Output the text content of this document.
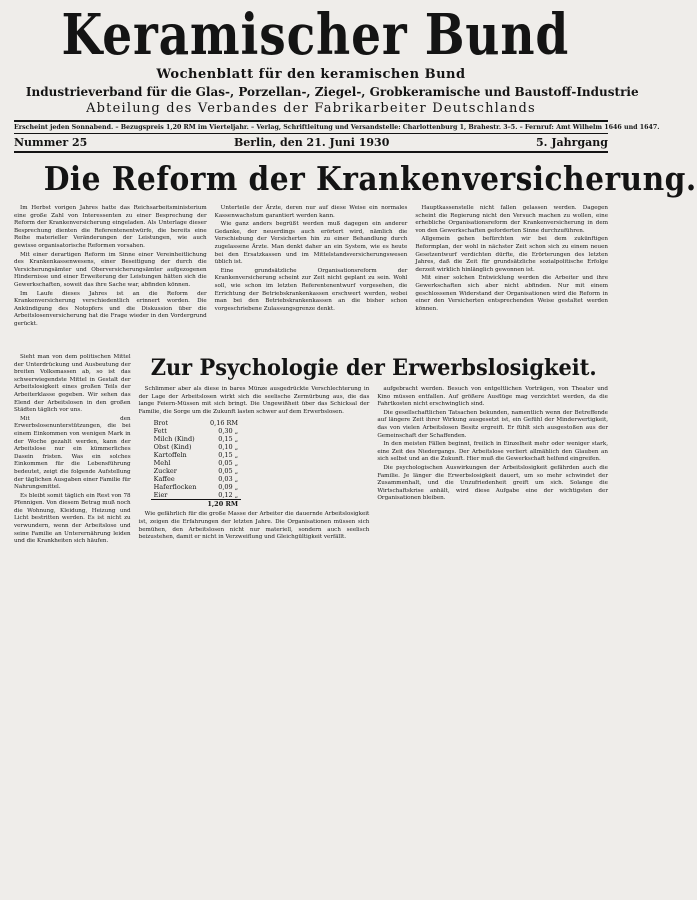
Keramischer Bund
Wochenblatt für den keramischen Bund
Industrieverband für die Glas-, Porzellan-, Ziegel-, Grobkeramische und Baustoff-Industrie
Abteilung des Verbandes der Fabrikarbeiter Deutschlands
Erscheint jeden Sonnabend. – Bezugspreis 1,20 RM im Vierteljahr. – Verlag, Schriftleitung und Versandstelle: Charlottenburg 1, Brahestr. 3–5. – Fernruf: Amt Wilhelm 1646 und 1647.
Nummer 25	Berlin, den 21. Juni 1930	5. Jahrgang
Die Reform der Krankenversicherung.

Im Herbst vorigen Jahres hatte das Reichsarbeitsministerium eine große Zahl von Interessenten zu einer Besprechung der Reform der Krankenversicherung eingeladen. Als Unterlage dieser Besprechung dienten die Referentenentwürfe, die bereits eine Reihe materieller Veränderungen der Leistungen, wie auch gewisse organisatorische Reformen vorsahen.

Mit einer derartigen Reform im Sinne einer Vereinheitlichung des Krankenkassenwesens, einer Beseitigung der durch die Versicherungsämter und Oberversicherungsämter aufgezogenen Hindernisse und einer Erweiterung der Leistungen hätten sich die Gewerkschaften, soweit das ihre Sache war, abfinden können.

Im Laufe dieses Jahres ist an die Reform der Krankenversicherung verschiedentlich erinnert worden. Die Ankündigung des Notopfers und die Diskussion über die Arbeitslosenversicherung hat die Frage wieder in den Vordergrund gerückt.

Unterteile der Ärzte, deren nur auf diese Weise ein normales Kassenwachstum garantiert werden kann.

Wie ganz anders begrüßt werden muß dagegen ein anderer Gedanke, der neuerdings auch erörtert wird, nämlich die Verschiebung der Versicherten hin zu einer Behandlung durch zugelassene Ärzte. Man denkt daher an ein System, wie es heute bei den Ersatzkassen und im Mittelstandsversicherungswesen üblich ist.

Eine grundsätzliche Organisationsreform der Krankenversicherung scheint zur Zeit nicht geplant zu sein. Wohl soll, wie schon im letzten Referentenentwurf vorgesehen, die Errichtung der Betriebskrankenkassen erschwert werden, wobei man bei den Betriebskrankenkassen an die bisher schon vorgeschriebene Zulassungsgrenze denkt.

Hauptkassenstelle nicht fallen gelassen werden. Dagegen scheint die Regierung nicht den Versuch machen zu wollen, eine erhebliche Organisationsreform der Krankenversicherung in dem von den Gewerkschaften geforderten Sinne durchzuführen.

Allgemein gehen befürchten wir bei dem zukünftigen Reformplan, der wohl in nächster Zeit schon sich zu einem neuen Gesetzentwurf verdichten dürfte, die Erörterungen des letzten Jahres, daß die Zeit für grundsätzliche sozialpolitische Erfolge derzeit wirklich hinlänglich gewonnen ist.

Mit einer solchen Entwicklung werden die Arbeiter und ihre Gewerkschaften sich aber nicht abfinden. Nur mit einem geschlossenen Widerstand der Organisationen wird die Reform in einer den Versicherten entsprechenden Weise gestaltet werden können.

Sieht man von dem politischen Mittel der Unterdrückung und Ausbeutung der breiten Volksmassen ab, so ist das schwerwiegendste Mittel in Gestalt der Arbeitslosigkeit eines großen Teils der Arbeiterklasse gegeben. Wir sehen das Elend der Arbeitslosen in den großen Städten täglich vor uns.

Mit den Erwerbslosenunterstützungen, die bei einem Einkommen von wenigen Mark in der Woche gezahlt werden, kann der Arbeitslose nur ein kümmerliches Dasein fristen. Was ein solches Einkommen für die Lebensführung bedeutet, zeigt die folgende Aufstellung der täglichen Ausgaben einer Familie für Nahrungsmittel.

Es bleibt somit täglich ein Rest von 78 Pfennigen. Von diesem Betrag muß noch die Wohnung, Kleidung, Heizung und Licht bestritten werden. Es ist nicht zu verwundern, wenn der Arbeitslose und seine Familie an Unterernährung leiden und die Krankheiten sich häufen.

Zur Psychologie der Erwerbslosigkeit.

Schlimmer aber als diese in bares Münze ausgedrückte Verschlechterung in der Lage der Arbeitslosen wirkt sich die seelische Zermürbung aus, die das lange Feiern-Müssen mit sich bringt. Die Ungewißheit über das Schicksal der Familie, die Sorge um die Zukunft lasten schwer auf dem Erwerbslosen.

Brot	0,16 RM
Fett	0,30 „
Milch (Kind)	0,15 „
Obst (Kind)	0,10 „
Kartoffeln	0,15 „
Mehl	0,05 „
Zucker	0,05 „
Kaffee	0,03 „
Haferflocken	0,09 „
Eier	0,12 „
	1,20 RM

Wie gefährlich für die große Masse der Arbeiter die dauernde Arbeitslosigkeit ist, zeigen die Erfahrungen der letzten Jahre. Die Organisationen müssen sich bemühen, den Arbeitslosen nicht nur materiell, sondern auch seelisch beizustehen, damit er nicht in Verzweiflung und Gleichgültigkeit verfällt.

aufgebracht werden. Besuch von entgeltlichen Vorträgen, von Theater und Kino müssen entfallen. Auf größere Ausflüge mag verzichtet werden, da die Fahrtkosten nicht erschwinglich sind.

Die gesellschaftlichen Tatsachen bekunden, namentlich wenn der Betreffende auf längere Zeit ihrer Wirkung ausgesetzt ist, ein Gefühl der Minderwertigkeit, das von vielen Arbeitslosen Besitz ergreift. Er fühlt sich ausgestoßen aus der Gemeinschaft der Schaffenden.

In den meisten Fällen beginnt, freilich in Einzelheit mehr oder weniger stark, eine Zeit des Niedergangs. Der Arbeitslose verliert allmählich den Glauben an sich selbst und an die Zukunft. Hier muß die Gewerkschaft helfend eingreifen.

Die psychologischen Auswirkungen der Arbeitslosigkeit gefährden auch die Familie. Je länger die Erwerbslosigkeit dauert, um so mehr schwindet der Zusammenhalt, und die Unzufriedenheit greift um sich. Solange die Wirtschaftskrise anhält, wird diese Aufgabe eine der wichtigsten der Organisationen bleiben.
